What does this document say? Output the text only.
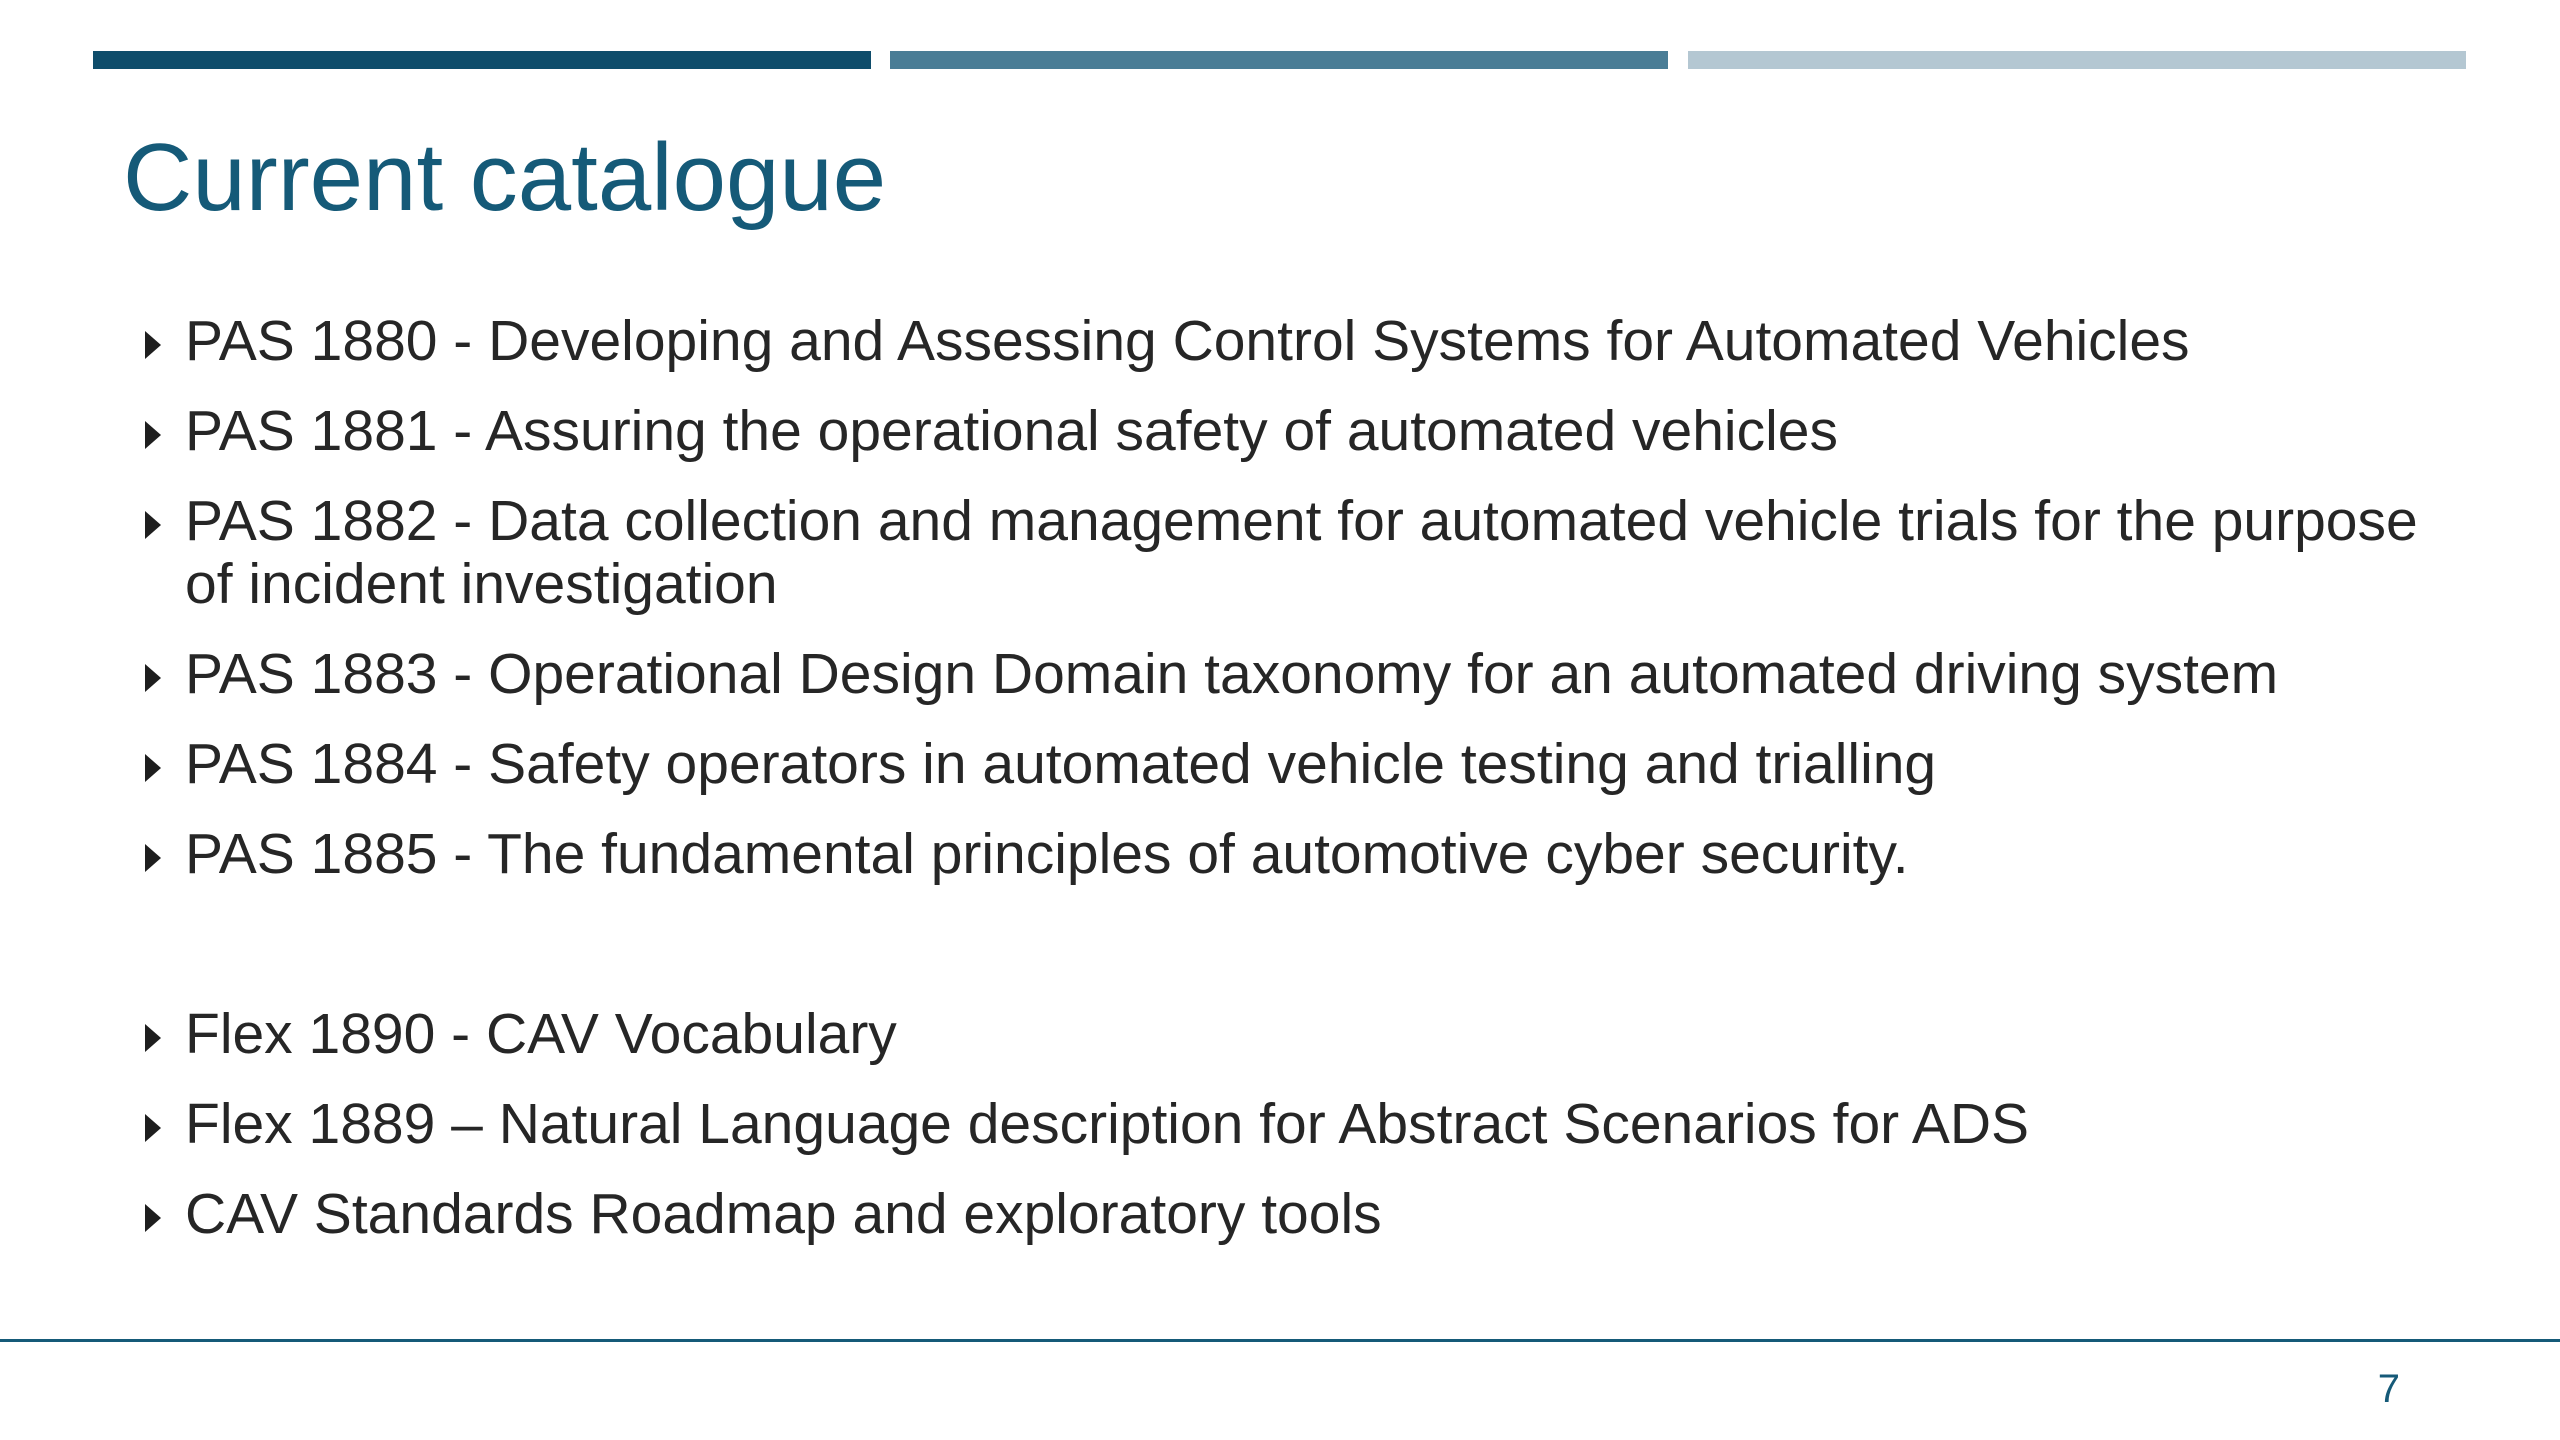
Current catalogue
PAS 1880 - Developing and Assessing Control Systems for Automated Vehicles
PAS 1881 - Assuring the operational safety of automated vehicles
PAS 1882 - Data collection and management for automated vehicle trials for the purpose of incident investigation
PAS 1883 - Operational Design Domain taxonomy for an automated driving system
PAS 1884 - Safety operators in automated vehicle testing and trialling
PAS 1885 - The fundamental principles of automotive cyber security.
Flex 1890 - CAV Vocabulary
Flex 1889 – Natural Language description for Abstract Scenarios for ADS
CAV Standards Roadmap and exploratory tools
7
